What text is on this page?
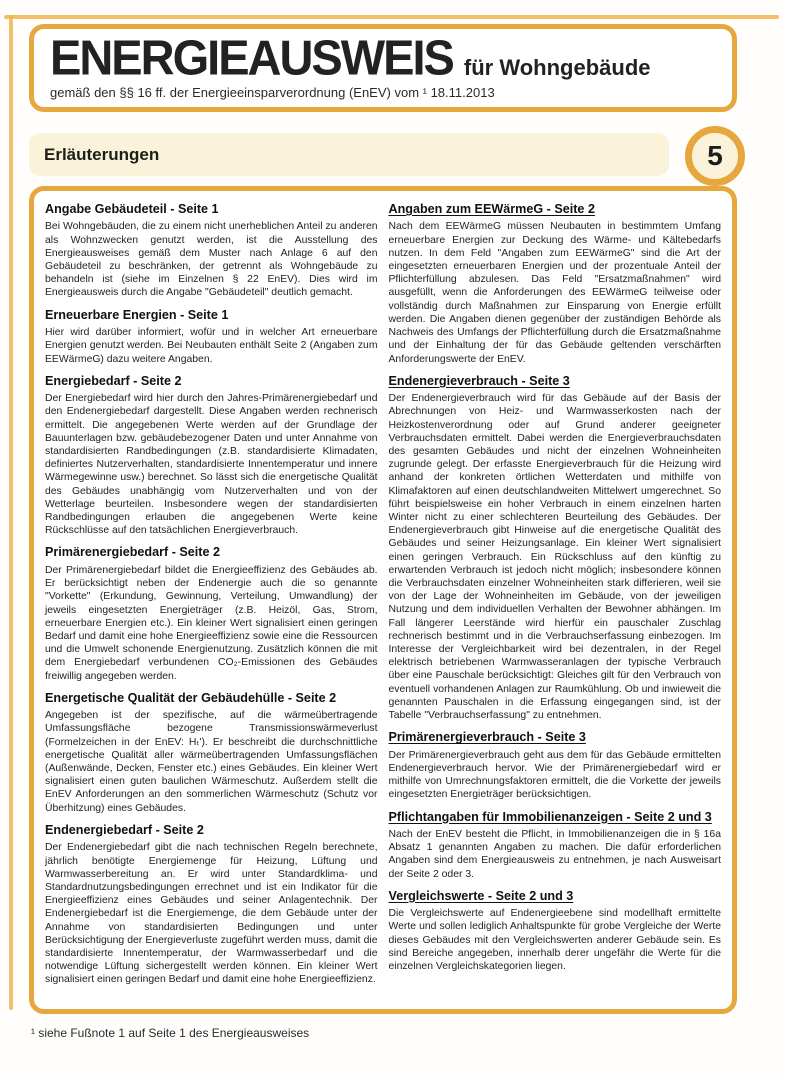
ENERGIEAUSWEIS für Wohngebäude
gemäß den §§ 16 ff. der Energieeinsparverordnung (EnEV) vom ¹ 18.11.2013
Erläuterungen	5
Angabe Gebäudeteil - Seite 1

Bei Wohngebäuden, die zu einem nicht unerheblichen Anteil zu anderen als Wohnzwecken genutzt werden, ist die Ausstellung des Energieausweises gemäß dem Muster nach Anlage 6 auf den Gebäudeteil zu beschränken, der getrennt als Wohngebäude zu behandeln ist (siehe im Einzelnen § 22 EnEV). Dies wird im Energieausweis durch die Angabe "Gebäudeteil" deutlich gemacht.

Erneuerbare Energien - Seite 1

Hier wird darüber informiert, wofür und in welcher Art erneuerbare Energien genutzt werden. Bei Neubauten enthält Seite 2 (Angaben zum EEWärmeG) dazu weitere Angaben.

Energiebedarf - Seite 2

Der Energiebedarf wird hier durch den Jahres-Primärenergiebedarf und den Endenergiebedarf dargestellt. Diese Angaben werden rechnerisch ermittelt. Die angegebenen Werte werden auf der Grundlage der Bauunterlagen bzw. gebäudebezogener Daten und unter Annahme von standardisierten Randbedingungen (z.B. standardisierte Klimadaten, definiertes Nutzerverhalten, standardisierte Innentemperatur und innere Wärmegewinne usw.) berechnet. So lässt sich die energetische Qualität des Gebäudes unabhängig vom Nutzerverhalten und von der Wetterlage beurteilen. Insbesondere wegen der standardisierten Randbedingungen erlauben die angegebenen Werte keine Rückschlüsse auf den tatsächlichen Energieverbrauch.

Primärenergiebedarf - Seite 2

Der Primärenergiebedarf bildet die Energieeffizienz des Gebäudes ab. Er berücksichtigt neben der Endenergie auch die so genannte "Vorkette" (Erkundung, Gewinnung, Verteilung, Umwandlung) der jeweils eingesetzten Energieträger (z.B. Heizöl, Gas, Strom, erneuerbare Energien etc.). Ein kleiner Wert signalisiert einen geringen Bedarf und damit eine hohe Energieeffizienz sowie eine die Ressourcen und die Umwelt schonende Energienutzung. Zusätzlich können die mit dem Energiebedarf verbundenen CO₂-Emissionen des Gebäudes freiwillig angegeben werden.

Energetische Qualität der Gebäudehülle - Seite 2

Angegeben ist der spezifische, auf die wärmeübertragende Umfassungsfläche bezogene Transmissionswärmeverlust (Formelzeichen in der EnEV: Hₜ'). Er beschreibt die durchschnittliche energetische Qualität aller wärmeübertragenden Umfassungsflächen (Außenwände, Decken, Fenster etc.) eines Gebäudes. Ein kleiner Wert signalisiert einen guten baulichen Wärmeschutz. Außerdem stellt die EnEV Anforderungen an den sommerlichen Wärmeschutz (Schutz vor Überhitzung) eines Gebäudes.

Endenergiebedarf - Seite 2

Der Endenergiebedarf gibt die nach technischen Regeln berechnete, jährlich benötigte Energiemenge für Heizung, Lüftung und Warmwasserbereitung an. Er wird unter Standardklima- und Standardnutzungsbedingungen errechnet und ist ein Indikator für die Energieeffizienz eines Gebäudes und seiner Anlagentechnik. Der Endenergiebedarf ist die Energiemenge, die dem Gebäude unter der Annahme von standardisierten Bedingungen und unter Berücksichtigung der Energieverluste zugeführt werden muss, damit die standardisierte Innentemperatur, der Warmwasserbedarf und die notwendige Lüftung sichergestellt werden können. Ein kleiner Wert signalisiert einen geringen Bedarf und damit eine hohe Energieeffizienz.

Angaben zum EEWärmeG - Seite 2

Nach dem EEWärmeG müssen Neubauten in bestimmtem Umfang erneuerbare Energien zur Deckung des Wärme- und Kältebedarfs nutzen. In dem Feld "Angaben zum EEWärmeG" sind die Art der eingesetzten erneuerbaren Energien und der prozentuale Anteil der Pflichterfüllung abzulesen. Das Feld "Ersatzmaßnahmen" wird ausgefüllt, wenn die Anforderungen des EEWärmeG teilweise oder vollständig durch Maßnahmen zur Einsparung von Energie erfüllt werden. Die Angaben dienen gegenüber der zuständigen Behörde als Nachweis des Umfangs der Pflichterfüllung durch die Ersatzmaßnahme und der Einhaltung der für das Gebäude geltenden verschärften Anforderungswerte der EnEV.

Endenergieverbrauch - Seite 3

Der Endenergieverbrauch wird für das Gebäude auf der Basis der Abrechnungen von Heiz- und Warmwasserkosten nach der Heizkostenverordnung oder auf Grund anderer geeigneter Verbrauchsdaten ermittelt. Dabei werden die Energieverbrauchsdaten des gesamten Gebäudes und nicht der einzelnen Wohneinheiten zugrunde gelegt. Der erfasste Energieverbrauch für die Heizung wird anhand der konkreten örtlichen Wetterdaten und mithilfe von Klimafaktoren auf einen deutschlandweiten Mittelwert umgerechnet. So führt beispielsweise ein hoher Verbrauch in einem einzelnen harten Winter nicht zu einer schlechteren Beurteilung des Gebäudes. Der Endenergieverbrauch gibt Hinweise auf die energetische Qualität des Gebäudes und seiner Heizungsanlage. Ein kleiner Wert signalisiert einen geringen Verbrauch. Ein Rückschluss auf den künftig zu erwartenden Verbrauch ist jedoch nicht möglich; insbesondere können die Verbrauchsdaten einzelner Wohneinheiten stark differieren, weil sie von der Lage der Wohneinheiten im Gebäude, von der jeweiligen Nutzung und dem individuellen Verhalten der Bewohner abhängen. Im Fall längerer Leerstände wird hierfür ein pauschaler Zuschlag rechnerisch bestimmt und in die Verbrauchserfassung einbezogen. Im Interesse der Vergleichbarkeit wird bei dezentralen, in der Regel elektrisch betriebenen Warmwasseranlagen der typische Verbrauch über eine Pauschale berücksichtigt: Gleiches gilt für den Verbrauch von eventuell vorhandenen Anlagen zur Raumkühlung. Ob und inwieweit die genannten Pauschalen in die Erfassung eingegangen sind, ist der Tabelle "Verbrauchserfassung" zu entnehmen.

Primärenergieverbrauch - Seite 3

Der Primärenergieverbrauch geht aus dem für das Gebäude ermittelten Endenergieverbrauch hervor. Wie der Primärenergiebedarf wird er mithilfe von Umrechnungsfaktoren ermittelt, die die Vorkette der jeweils eingesetzten Energieträger berücksichtigen.

Pflichtangaben für Immobilienanzeigen - Seite 2 und 3

Nach der EnEV besteht die Pflicht, in Immobilienanzeigen die in § 16a Absatz 1 genannten Angaben zu machen. Die dafür erforderlichen Angaben sind dem Energieausweis zu entnehmen, je nach Ausweisart der Seite 2 oder 3.

Vergleichswerte - Seite 2 und 3

Die Vergleichswerte auf Endenergieebene sind modellhaft ermittelte Werte und sollen lediglich Anhaltspunkte für grobe Vergleiche der Werte dieses Gebäudes mit den Vergleichswerten anderer Gebäude sein. Es sind Bereiche angegeben, innerhalb derer ungefähr die Werte für die einzelnen Vergleichskategorien liegen.

¹ siehe Fußnote 1 auf Seite 1 des Energieausweises
